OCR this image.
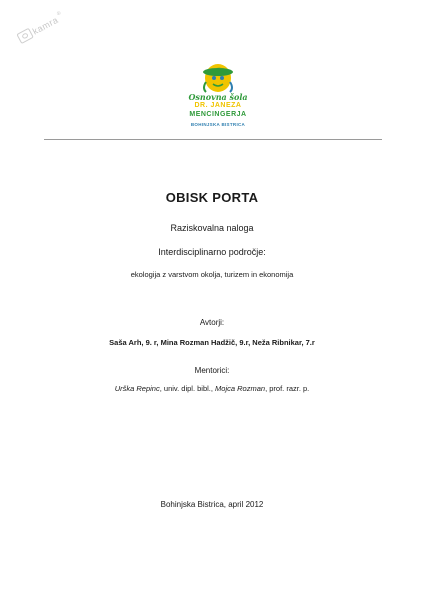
kamra
®
Osnovna šola
DR. JANEZA
MENCINGERJA
BOHINJSKA BISTRICA
OBISK PORTA
Raziskovalna naloga
Interdisciplinarno področje:
ekologija z varstvom okolja, turizem in ekonomija
Avtorji:
Saša Arh, 9. r, Mina Rozman Hadžič, 9.r, Neža Ribnikar, 7.r
Mentorici:
Urška Repinc, univ. dipl. bibl., Mojca Rozman, prof. razr. p.
Bohinjska Bistrica, april 2012
